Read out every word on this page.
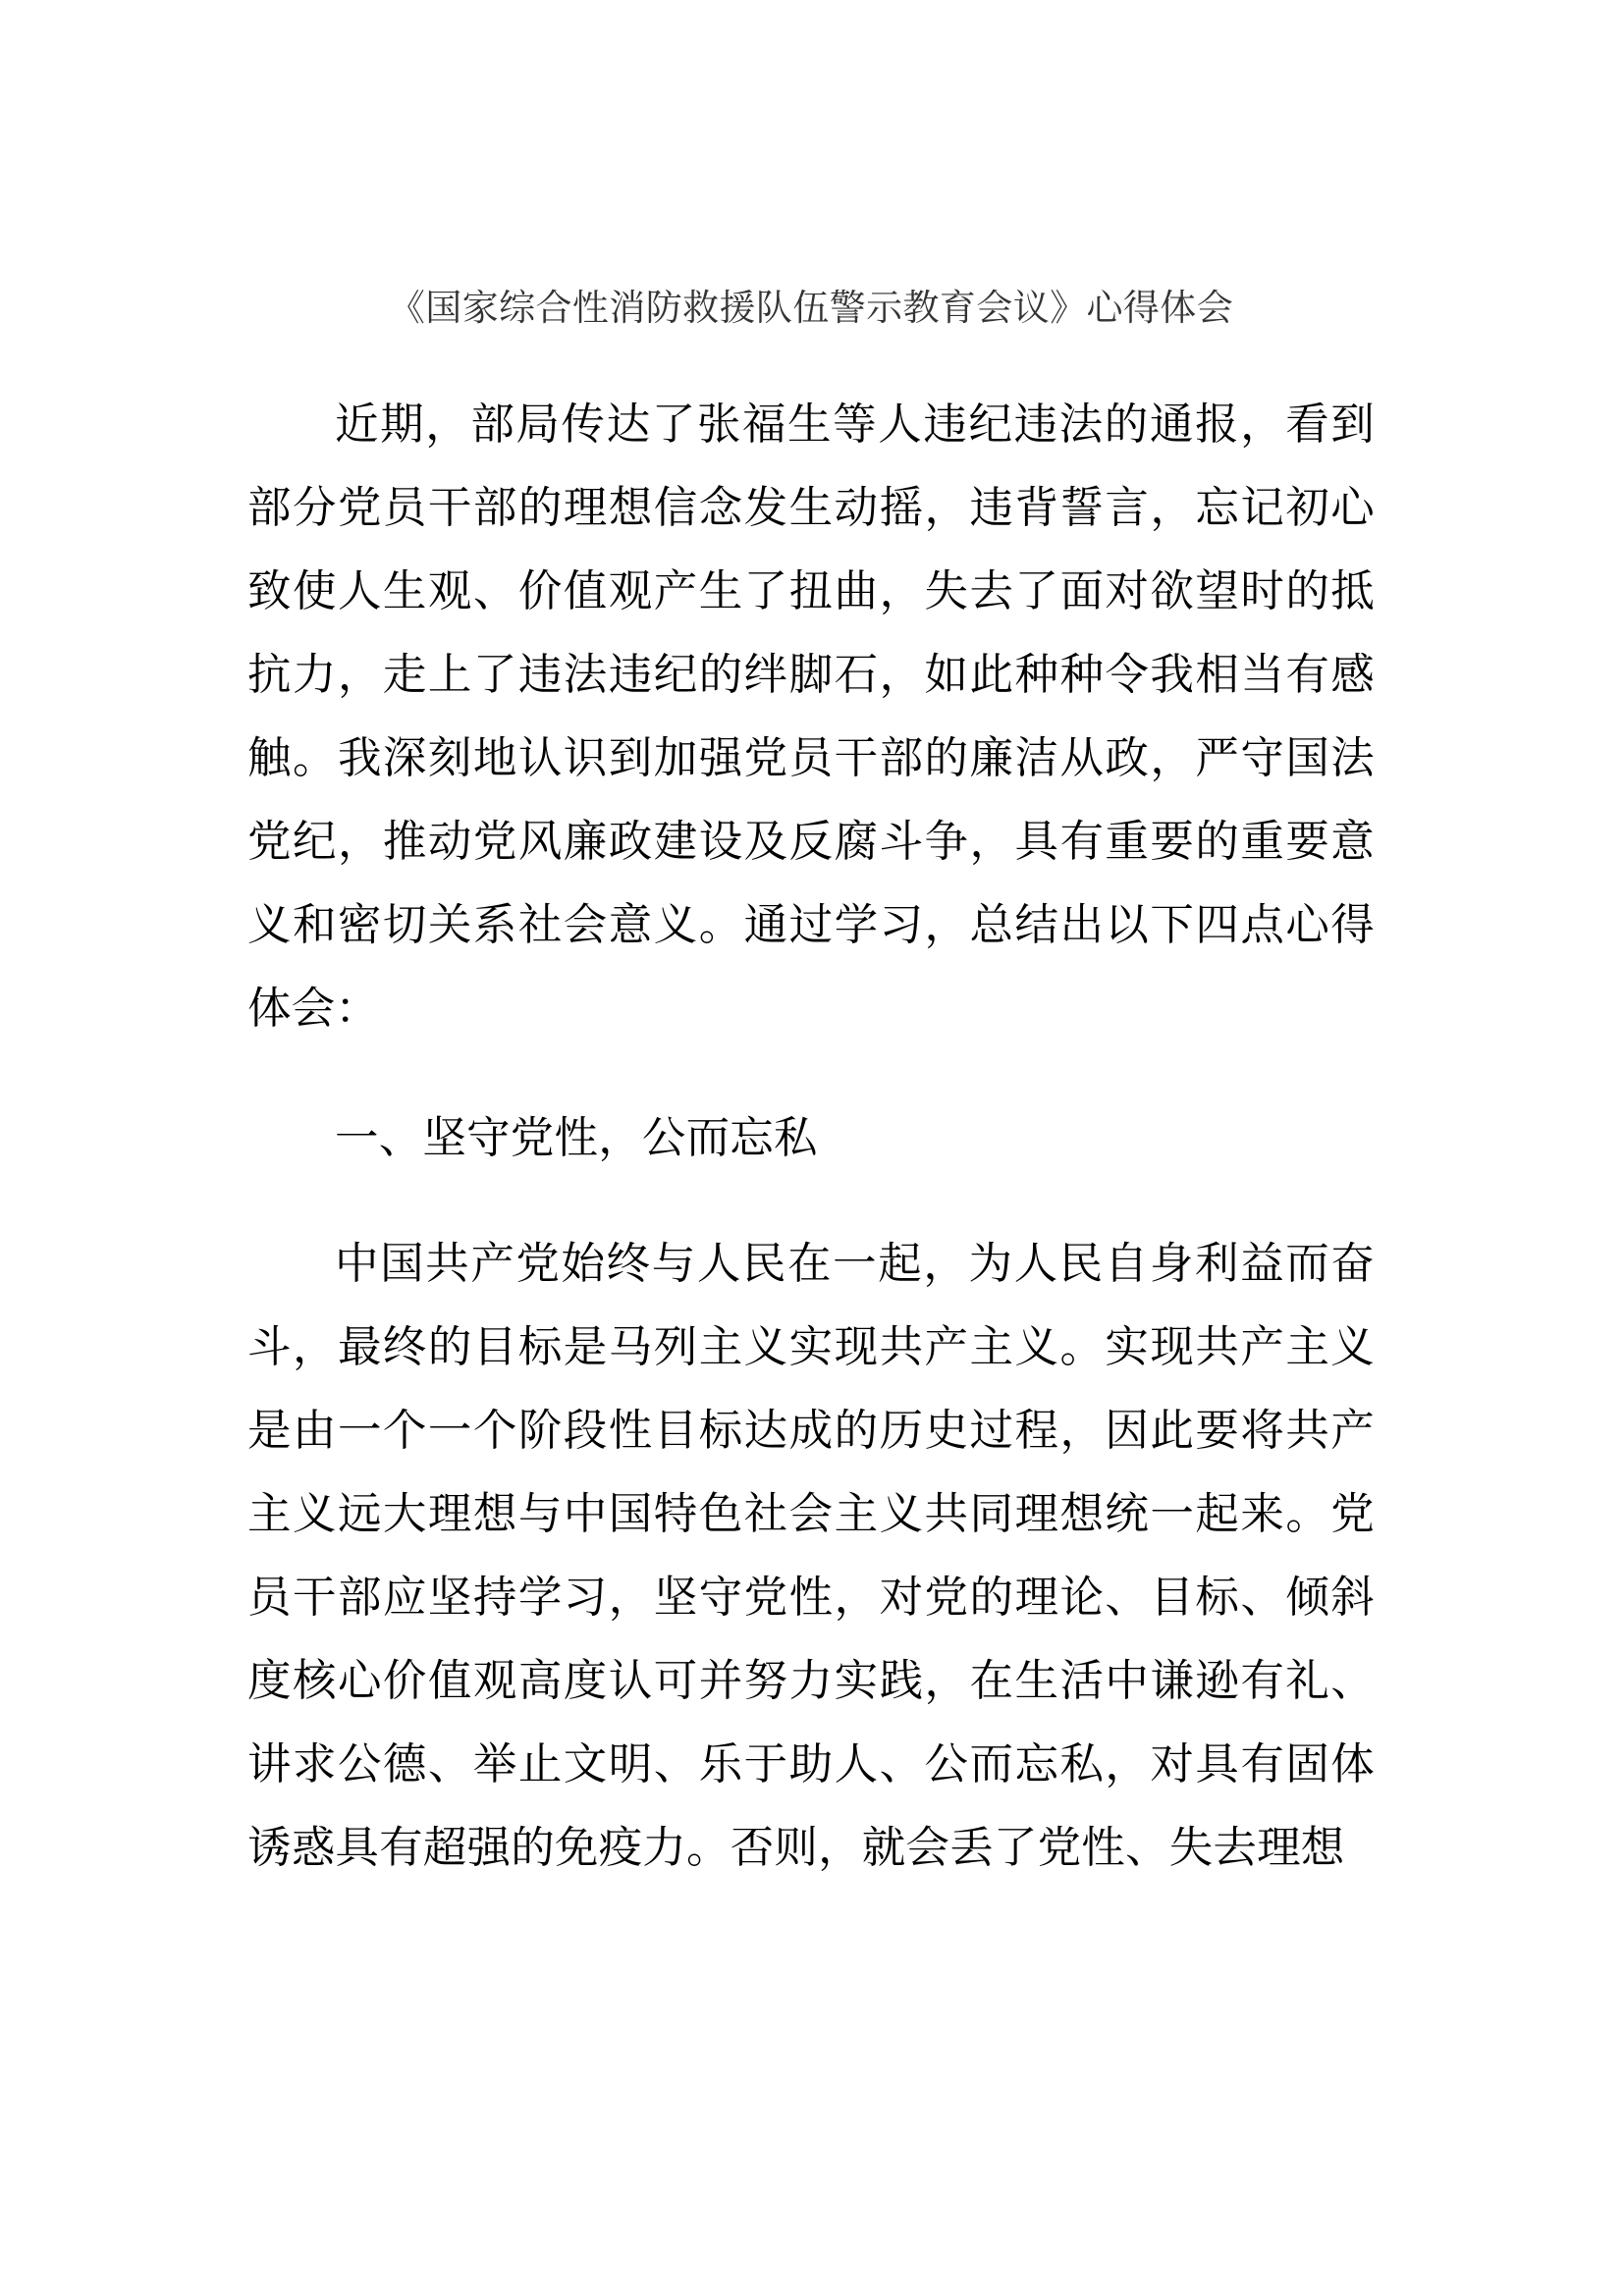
《国家综合性消防救援队伍警示教育会议》心得体会
近期，部局传达了张福生等人违纪违法的通报，看到部分党员干部的理想信念发生动摇，违背誓言，忘记初心致使人生观、价值观产生了扭曲，失去了面对欲望时的抵抗力，走上了违法违纪的绊脚石，如此种种令我相当有感触。我深刻地认识到加强党员干部的廉洁从政，严守国法党纪，推动党风廉政建设及反腐斗争，具有重要的重要意义和密切关系社会意义。通过学习，总结出以下四点心得体会：
一、坚守党性，公而忘私
中国共产党始终与人民在一起，为人民自身利益而奋斗，最终的目标是马列主义实现共产主义。实现共产主义是由一个一个阶段性目标达成的历史过程，因此要将共产主义远大理想与中国特色社会主义共同理想统一起来。党员干部应坚持学习，坚守党性，对党的理论、目标、倾斜度核心价值观高度认可并努力实践，在生活中谦逊有礼、讲求公德、举止文明、乐于助人、公而忘私，对具有固体诱惑具有超强的免疫力。否则，就会丢了党性、失去理想
